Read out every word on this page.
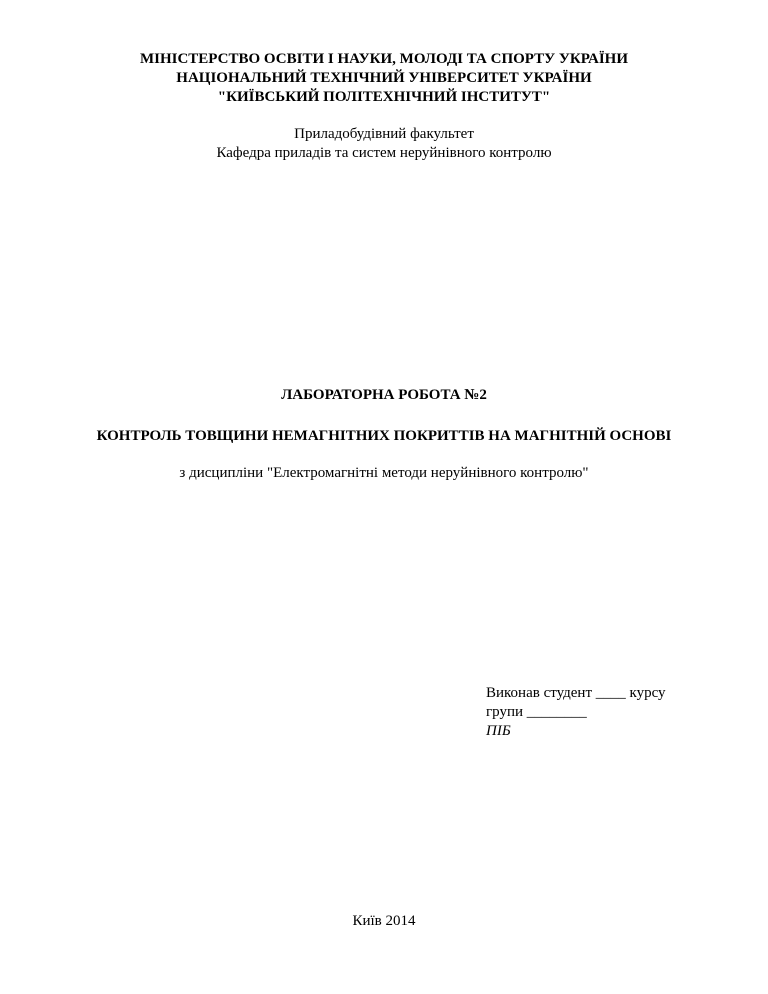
МІНІСТЕРСТВО ОСВІТИ І НАУКИ, МОЛОДІ ТА СПОРТУ УКРАЇНИ
НАЦІОНАЛЬНИЙ ТЕХНІЧНИЙ УНІВЕРСИТЕТ УКРАЇНИ
"КИЇВСЬКИЙ ПОЛІТЕХНІЧНИЙ ІНСТИТУТ"
Приладобудівний факультет
Кафедра приладів та систем неруйнівного контролю
ЛАБОРАТОРНА РОБОТА №2
КОНТРОЛЬ ТОВЩИНИ НЕМАГНІТНИХ ПОКРИТТІВ НА МАГНІТНІЙ ОСНОВІ
з дисципліни "Електромагнітні методи неруйнівного контролю"
Виконав студент ____ курсу
групи ________
ПІБ
Київ 2014
